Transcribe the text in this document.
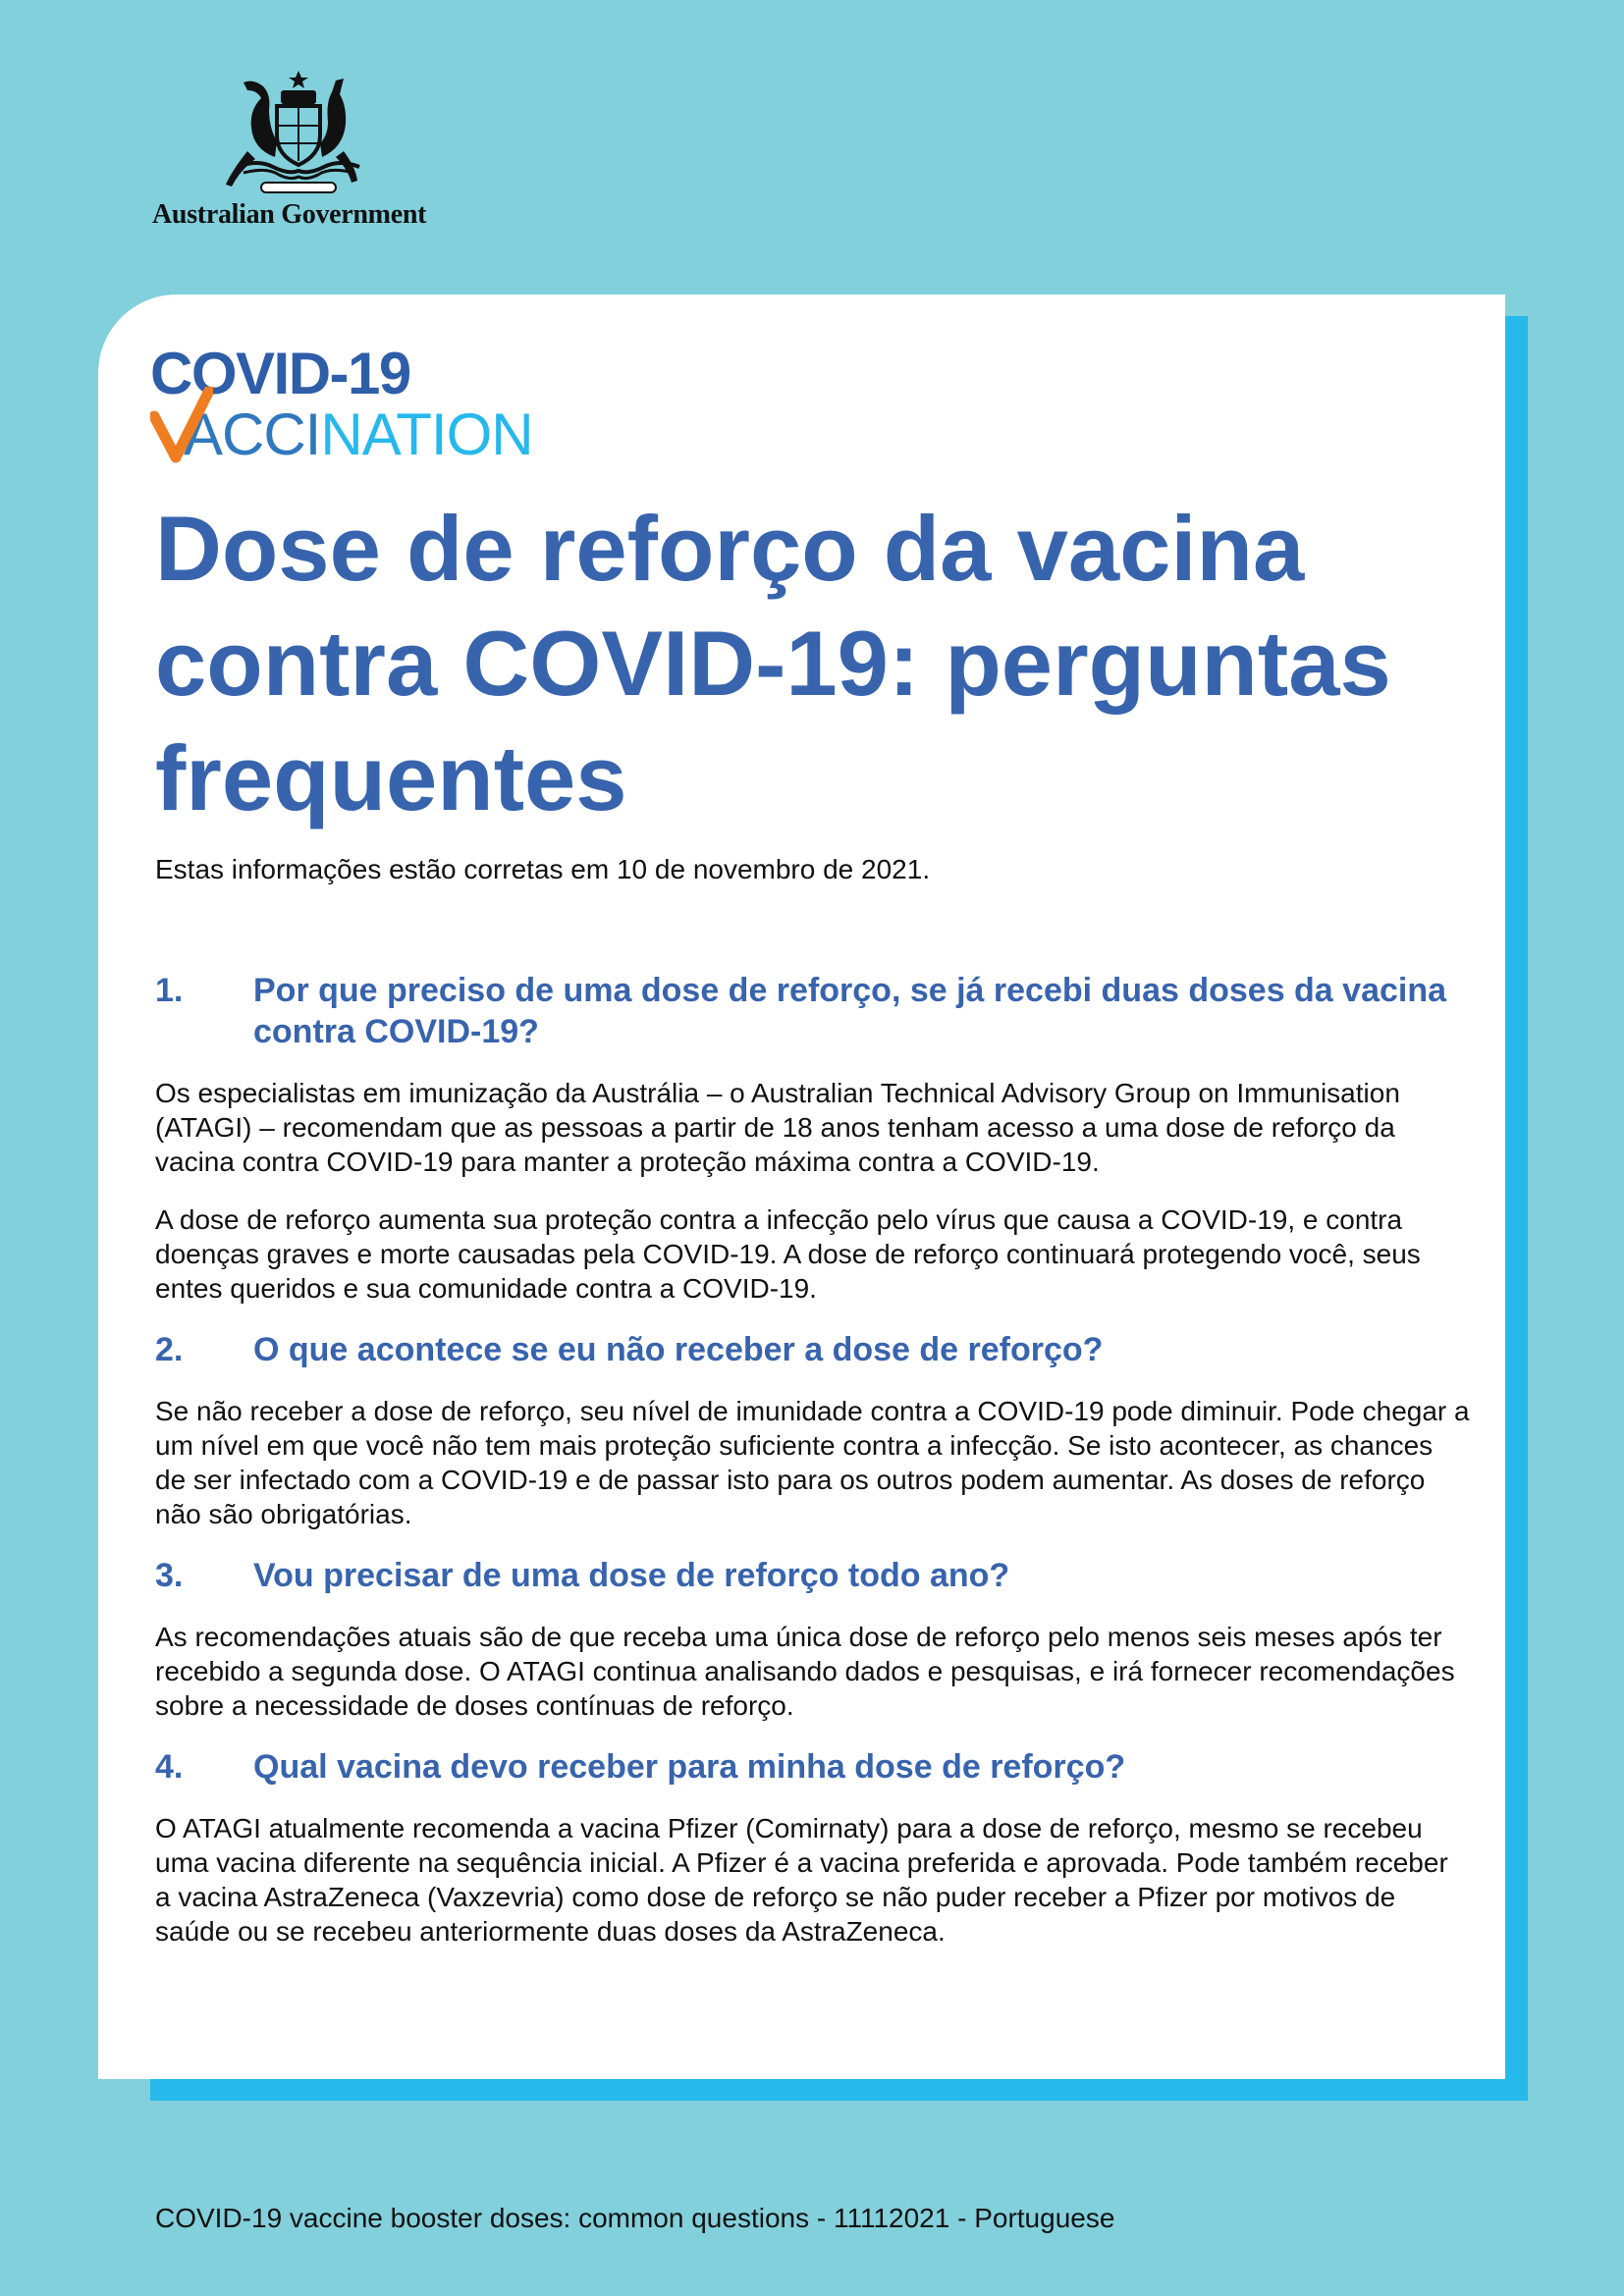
Australian Government
COVID-19
ACCINATION
Dose de reforço da vacina contra COVID-19: perguntas frequentes

Estas informações estão corretas em 10 de novembro de 2021.

1.	Por que preciso de uma dose de reforço, se já recebi duas doses da vacina contra COVID-19?

Os especialistas em imunização da Austrália – o Australian Technical Advisory Group on Immunisation (ATAGI) – recomendam que as pessoas a partir de 18 anos tenham acesso a uma dose de reforço da vacina contra COVID-19 para manter a proteção máxima contra a COVID-19.

A dose de reforço aumenta sua proteção contra a infecção pelo vírus que causa a COVID-19, e contra doenças graves e morte causadas pela COVID-19. A dose de reforço continuará protegendo você, seus entes queridos e sua comunidade contra a COVID-19.

2.	O que acontece se eu não receber a dose de reforço?

Se não receber a dose de reforço, seu nível de imunidade contra a COVID-19 pode diminuir. Pode chegar a um nível em que você não tem mais proteção suficiente contra a infecção. Se isto acontecer, as chances de ser infectado com a COVID-19 e de passar isto para os outros podem aumentar. As doses de reforço não são obrigatórias.

3.	Vou precisar de uma dose de reforço todo ano?

As recomendações atuais são de que receba uma única dose de reforço pelo menos seis meses após ter recebido a segunda dose. O ATAGI continua analisando dados e pesquisas, e irá fornecer recomendações sobre a necessidade de doses contínuas de reforço.

4.	Qual vacina devo receber para minha dose de reforço?

O ATAGI atualmente recomenda a vacina Pfizer (Comirnaty) para a dose de reforço, mesmo se recebeu uma vacina diferente na sequência inicial. A Pfizer é a vacina preferida e aprovada. Pode também receber a vacina AstraZeneca (Vaxzevria) como dose de reforço se não puder receber a Pfizer por motivos de saúde ou se recebeu anteriormente duas doses da AstraZeneca.

COVID-19 vaccine booster doses: common questions - 11112021 - Portuguese
